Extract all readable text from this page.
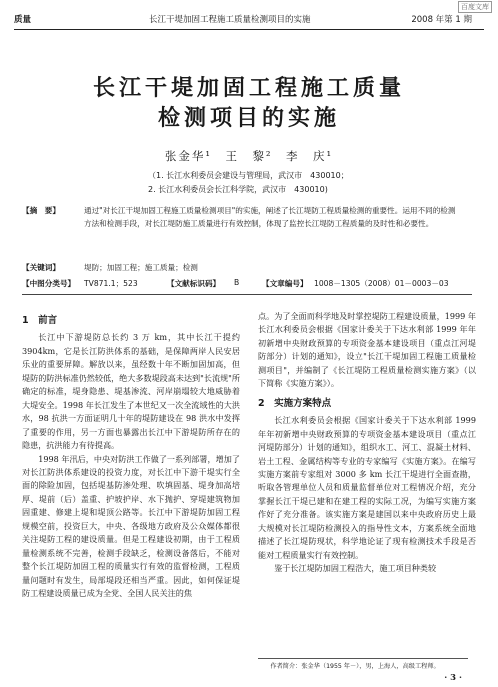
百度文库
质量	长江干堤加固工程施工质量检测项目的实施	2008 年第 1 期
长江干堤加固工程施工质量
检测项目的实施
张金华¹　王　黎²　李　庆¹
（1. 长江水利委员会建设与管理局，武汉市　430010；
2. 长江水利委员会长江科学院，武汉市　430010)
【摘　要】	通过"对长江干堤加固工程施工质量检测项目"的实施，阐述了长江堤防工程质量检测的重要性。运用不同的检测方法和检测手段，对长江堤防施工质量进行有效控制，体现了监控长江堤防工程质量的及时性和必要性。
【关键词】	堤防；加固工程；施工质量；检测
【中图分类号】 TV871.1；523	【文献标识码】 B	【文章编号】 1008－1305（2008）01－0003－03
1　前言

长江中下游堤防总长约 3 万 km，其中长江干提约 3904km，它是长江防洪体系的基础，是保障两岸人民安居乐业的重要屏障。解放以来，虽经数十年不断加固加高，但堤防的防洪标准仍然较低，绝大多数堤段高未达到"长流规"所确定的标准，堤身隐患、堤基渗流、河岸崩塌较大地威胁着大堤安全。1998 年长江发生了本世纪又一次全流域性的大洪水，98 抗洪一方面证明几十年的堤防建设在 98 洪水中发挥了重要的作用，另一方面也暴露出长江中下游堤防所存在的隐患，抗洪能力有待提高。

1998 年汛后，中央对防洪工作做了一系列部署，增加了对长江防洪体系建设的投资力度，对长江中下游干堤实行全面的除险加固，包括堤基防渗处理、吹填固基、堤身加高培厚、堤前（后）盖重、护坡护岸、水下抛护、穿堤建筑物加固重建、修建上堤和堤顶公路等。长江中下游堤防加固工程规模空前，投资巨大，中央、各级地方政府及公众媒体都很关注堤防工程的建设质量。但是工程建设初期，由于工程质量检测系统不完善，检测手段缺乏，检测设备落后，不能对整个长江堤防加固工程的质量实行有效的监督检测，工程质量问题时有发生，局部堤段还相当严重。因此，如何保证堤防工程建设质量已成为全党、全国人民关注的焦

点。为了全面而科学地及时掌控堤防工程建设质量，1999 年长江水利委员会根据《国家计委关于下达水利部 1999 年年初新增中央财政预算的专项资金基本建设项目（重点江河堤防部分）计划的通知》，设立"长江干堤加固工程施工质量检测项目"，并编制了《长江堤防工程质量检测实施方案》（以下简称《实施方案》）。

2　实施方案特点

长江水利委员会根据《国家计委关于下达水利部 1999 年年初新增中央财政预算的专项资金基本建设项目（重点江河堤防部分）计划的通知》，组织水工、河工、混凝土材料、岩土工程、金属结构等专业的专家编写《实施方案》。在编写实施方案前专家组对 3000 多 km 长江干堤进行全面查勘，听取各管理单位人员和质量监督单位对工程情况介绍，充分掌握长江干堤已建和在建工程的实际工况，为编写实施方案作好了充分准备。该实施方案是建国以来中央政府历史上最大规模对长江堤防检测投入的指导性文本，方案系统全面地描述了长江堤防现状，科学地论证了现有检测技术手段是否能对工程质量实行有效控制。

鉴于长江堤防加固工程浩大，施工项目种类较

作者简介：张金华（1955 年－），男，上海人，高级工程师。
· 3 ·
